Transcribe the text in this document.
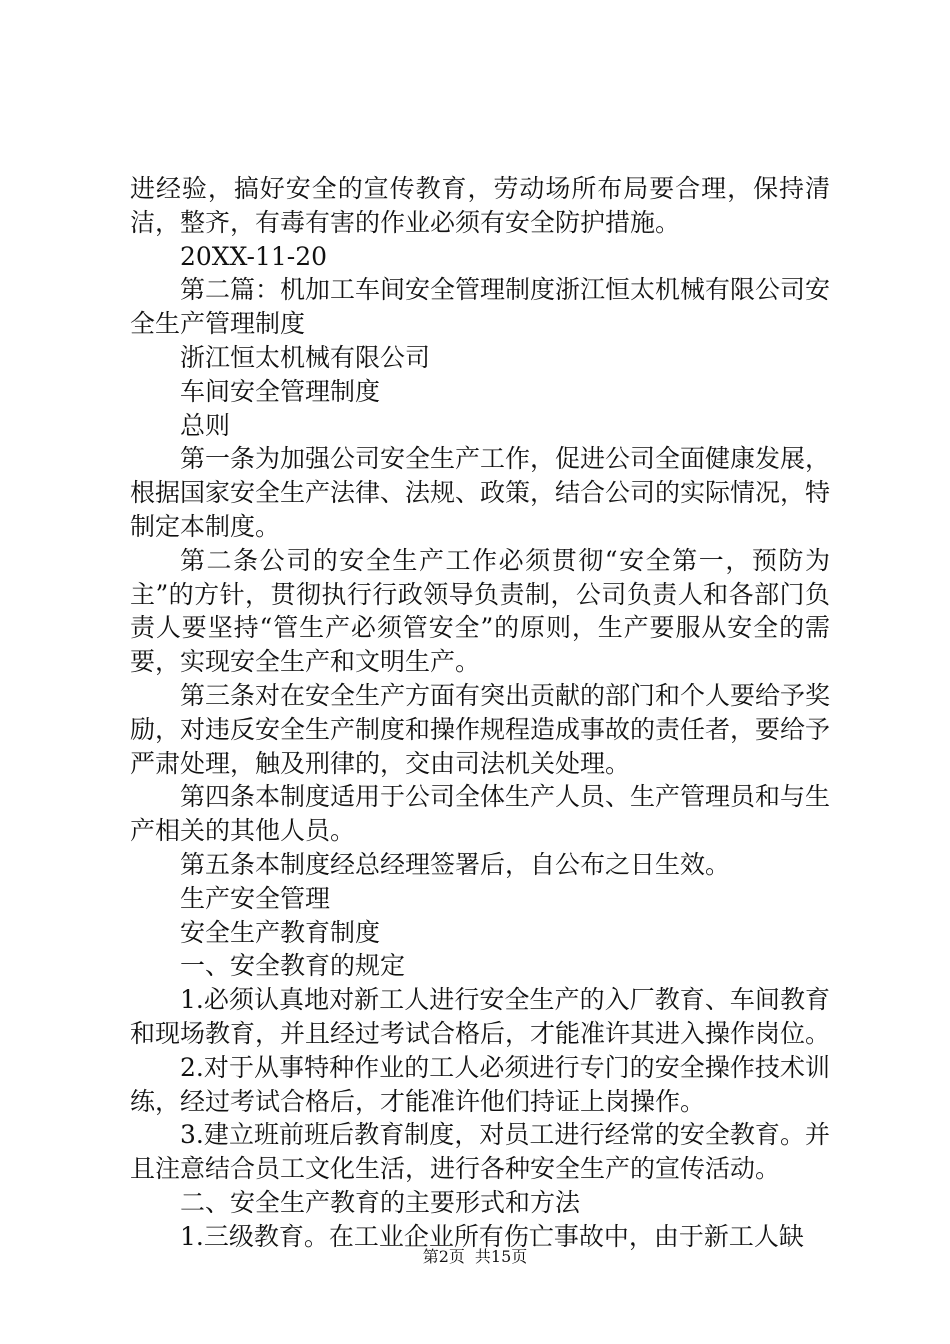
进经验，搞好安全的宣传教育，劳动场所布局要合理，保持清洁，整齐，有毒有害的作业必须有安全防护措施。

20XX-11-20

第二篇：机加工车间安全管理制度浙江恒太机械有限公司安全生产管理制度

浙江恒太机械有限公司

车间安全管理制度

总则

第一条为加强公司安全生产工作，促进公司全面健康发展，根据国家安全生产法律、法规、政策，结合公司的实际情况，特制定本制度。

第二条公司的安全生产工作必须贯彻“安全第一，预防为主”的方针，贯彻执行行政领导负责制，公司负责人和各部门负责人要坚持“管生产必须管安全”的原则，生产要服从安全的需要，实现安全生产和文明生产。

第三条对在安全生产方面有突出贡献的部门和个人要给予奖励，对违反安全生产制度和操作规程造成事故的责任者，要给予严肃处理，触及刑律的，交由司法机关处理。

第四条本制度适用于公司全体生产人员、生产管理员和与生产相关的其他人员。

第五条本制度经总经理签署后，自公布之日生效。

生产安全管理

安全生产教育制度

一、安全教育的规定

1.必须认真地对新工人进行安全生产的入厂教育、车间教育和现场教育，并且经过考试合格后，才能准许其进入操作岗位。

2.对于从事特种作业的工人必须进行专门的安全操作技术训练，经过考试合格后，才能准许他们持证上岗操作。

3.建立班前班后教育制度，对员工进行经常的安全教育。并且注意结合员工文化生活，进行各种安全生产的宣传活动。

二、安全生产教育的主要形式和方法

1.三级教育。在工业企业所有伤亡事故中，由于新工人缺

第2页 共15页
